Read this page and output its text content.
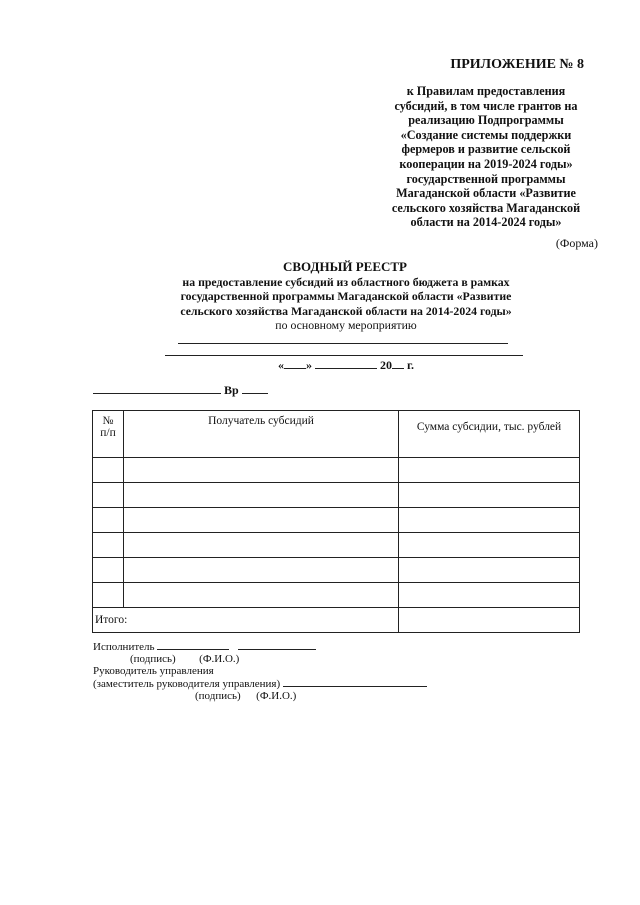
ПРИЛОЖЕНИЕ № 8
к Правилам предоставления
субсидий, в том числе грантов на
реализацию Подпрограммы
«Создание системы поддержки
фермеров и развитие сельской
кооперации на 2019-2024 годы»
государственной программы
Магаданской области «Развитие
сельского хозяйства Магаданской
области на 2014-2024 годы»
(Форма)
СВОДНЫЙ РЕЕСТР
на предоставление субсидий из областного бюджета в рамках
государственной программы Магаданской области «Развитие
сельского хозяйства Магаданской области на 2014-2024 годы»
по основному мероприятию
« »	20 г.
Вр
№
п/п	Получатель субсидий	Сумма субсидии, тыс. рублей

Итого:		
Исполнитель
(подпись) (Ф.И.О.)
Руководитель управления
(заместитель руководителя управления)
(подпись) (Ф.И.О.)
